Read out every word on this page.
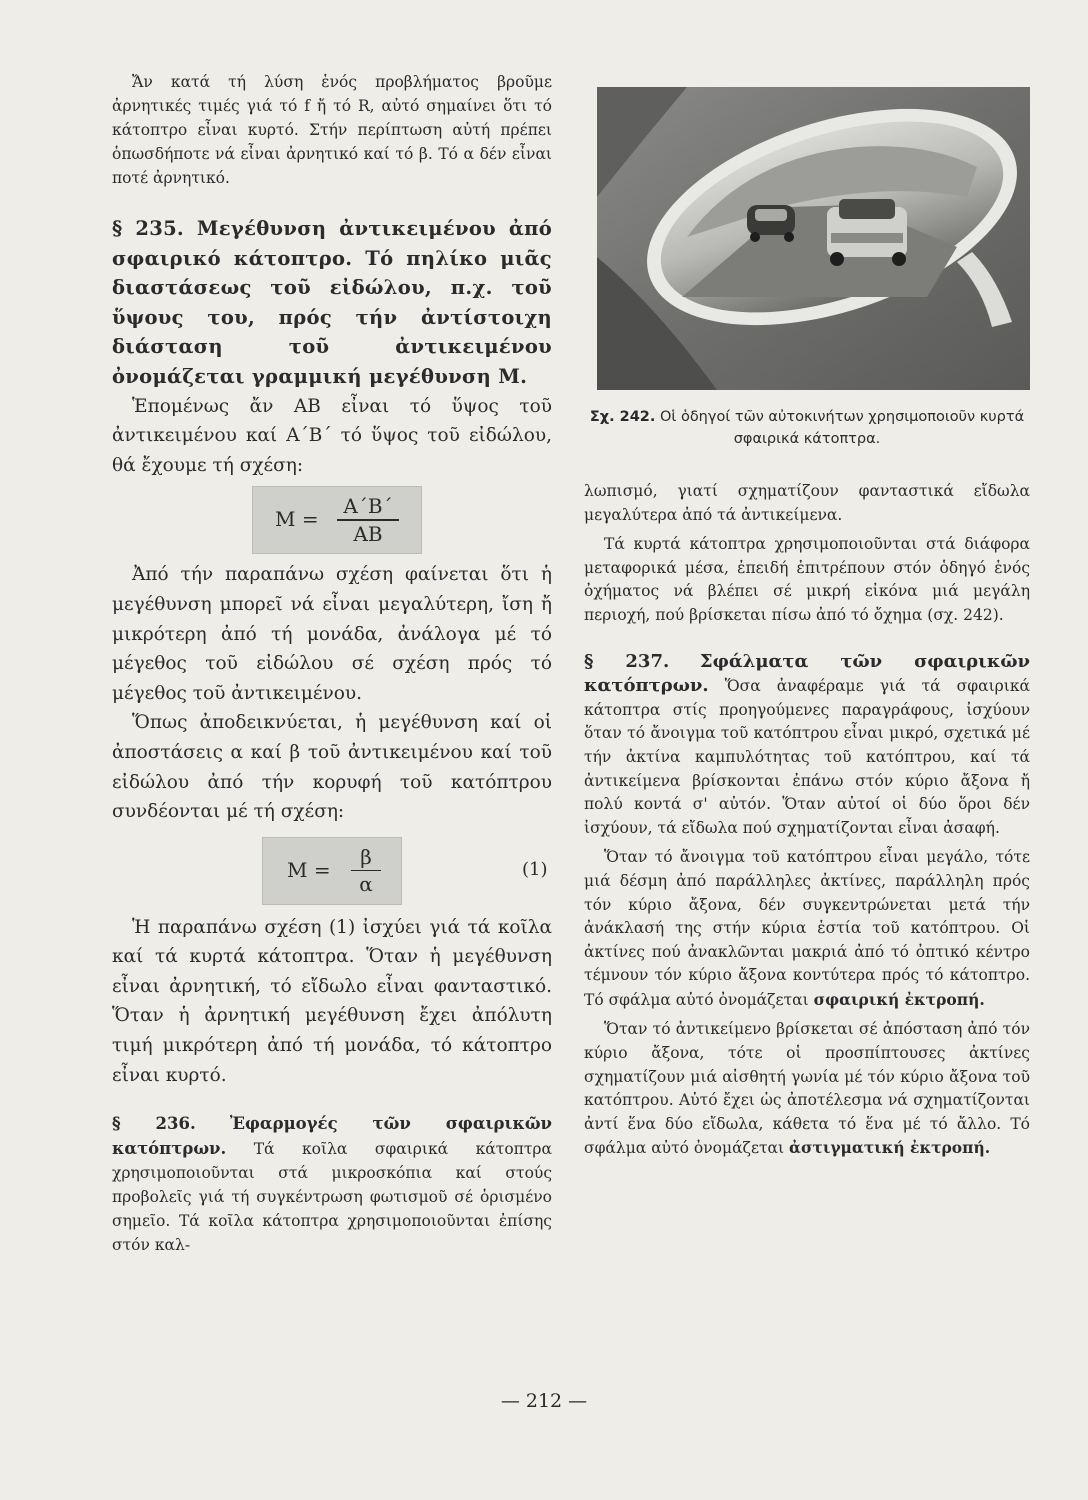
Ἄν κατά τή λύση ἑνός προβλήματος βροῦμε ἀρνητικές τιμές γιά τό f ἤ τό R, αὐτό σημαίνει ὅτι τό κάτοπτρο εἶναι κυρτό. Στήν περίπτωση αὐτή πρέπει ὁπωσδήποτε νά εἶναι ἀρνητικό καί τό β. Τό α δέν εἶναι ποτέ ἀρνητικό.

§ 235. Μεγέθυνση ἀντικειμένου ἀπό σφαιρικό κάτοπτρο. Τό πηλίκο μιᾶς διαστάσεως τοῦ εἰδώλου, π.χ. τοῦ ὕψους του, πρός τήν ἀντίστοιχη διάσταση τοῦ ἀντικειμένου ὀνομάζεται γραμμική μεγέθυνση Μ.

Ἑπομένως ἄν ΑΒ εἶναι τό ὕψος τοῦ ἀντικειμένου καί Α΄Β΄ τό ὕψος τοῦ εἰδώλου, θά ἔχουμε τή σχέση:

Μ =
Α΄Β΄
ΑΒ

Ἀπό τήν παραπάνω σχέση φαίνεται ὅτι ἡ μεγέθυνση μπορεῖ νά εἶναι μεγαλύτερη, ἴση ἤ μικρότερη ἀπό τή μονάδα, ἀνάλογα μέ τό μέγεθος τοῦ εἰδώλου σέ σχέση πρός τό μέγεθος τοῦ ἀντικειμένου.

Ὅπως ἀποδεικνύεται, ἡ μεγέθυνση καί οἱ ἀποστάσεις α καί β τοῦ ἀντικειμένου καί τοῦ εἰδώλου ἀπό τήν κορυφή τοῦ κατόπτρου συνδέονται μέ τή σχέση:

Μ =
β
α
(1)

Ἡ παραπάνω σχέση (1) ἰσχύει γιά τά κοῖλα καί τά κυρτά κάτοπτρα. Ὅταν ἡ μεγέθυνση εἶναι ἀρνητική, τό εἴδωλο εἶναι φανταστικό. Ὅταν ἡ ἀρνητική μεγέθυνση ἔχει ἀπόλυτη τιμή μικρότερη ἀπό τή μονάδα, τό κάτοπτρο εἶναι κυρτό.

§ 236. Ἐφαρμογές τῶν σφαιρικῶν κατόπτρων. Τά κοῖλα σφαιρικά κάτοπτρα χρησιμοποιοῦνται στά μικροσκόπια καί στούς προβολεῖς γιά τή συγκέντρωση φωτισμοῦ σέ ὁρισμένο σημεῖο. Τά κοῖλα κάτοπτρα χρησιμοποιοῦνται ἐπίσης στόν καλ-

Σχ. 242. Οἱ ὁδηγοί τῶν αὐτοκινήτων χρησιμοποιοῦν κυρτά σφαιρικά κάτοπτρα.

λωπισμό, γιατί σχηματίζουν φανταστικά εἴδωλα μεγαλύτερα ἀπό τά ἀντικείμενα.

Τά κυρτά κάτοπτρα χρησιμοποιοῦνται στά διάφορα μεταφορικά μέσα, ἐπειδή ἐπιτρέπουν στόν ὁδηγό ἑνός ὀχήματος νά βλέπει σέ μικρή εἰκόνα μιά μεγάλη περιοχή, πού βρίσκεται πίσω ἀπό τό ὄχημα (σχ. 242).

§ 237. Σφάλματα τῶν σφαιρικῶν κατόπτρων. Ὅσα ἀναφέραμε γιά τά σφαιρικά κάτοπτρα στίς προηγούμενες παραγράφους, ἰσχύουν ὅταν τό ἄνοιγμα τοῦ κατόπτρου εἶναι μικρό, σχετικά μέ τήν ἀκτίνα καμπυλότητας τοῦ κατόπτρου, καί τά ἀντικείμενα βρίσκονται ἐπάνω στόν κύριο ἄξονα ἤ πολύ κοντά σ' αὐτόν. Ὅταν αὐτοί οἱ δύο ὅροι δέν ἰσχύουν, τά εἴδωλα πού σχηματίζονται εἶναι ἀσαφή.

Ὅταν τό ἄνοιγμα τοῦ κατόπτρου εἶναι μεγάλο, τότε μιά δέσμη ἀπό παράλληλες ἀκτίνες, παράλληλη πρός τόν κύριο ἄξονα, δέν συγκεντρώνεται μετά τήν ἀνάκλασή της στήν κύρια ἑστία τοῦ κατόπτρου. Οἱ ἀκτίνες πού ἀνακλῶνται μακριά ἀπό τό ὀπτικό κέντρο τέμνουν τόν κύριο ἄξονα κοντύτερα πρός τό κάτοπτρο. Τό σφάλμα αὐτό ὀνομάζεται σφαιρική ἐκτροπή.

Ὅταν τό ἀντικείμενο βρίσκεται σέ ἀπόσταση ἀπό τόν κύριο ἄξονα, τότε οἱ προσπίπτουσες ἀκτίνες σχηματίζουν μιά αἰσθητή γωνία μέ τόν κύριο ἄξονα τοῦ κατόπτρου. Αὐτό ἔχει ὡς ἀποτέλεσμα νά σχηματίζονται ἀντί ἕνα δύο εἴδωλα, κάθετα τό ἕνα μέ τό ἄλλο. Τό σφάλμα αὐτό ὀνομάζεται ἀστιγματική ἐκτροπή.

— 212 —
